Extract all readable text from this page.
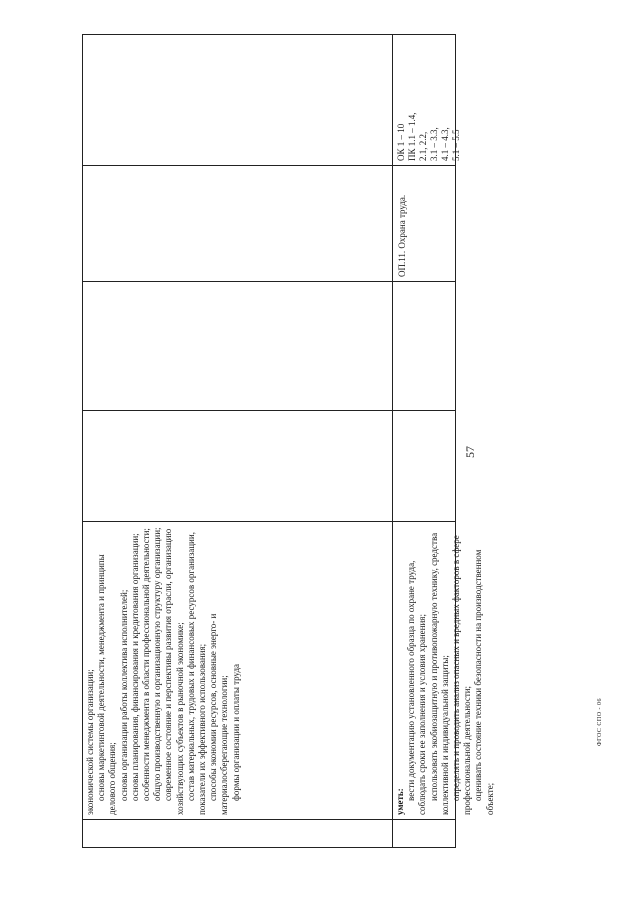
57

экономической системы организации; основы маркетинговой деятельности, менеджмента и принципы делового общения; основы организации работы коллектива исполнителей; основы планирования, финансирования и кредитования организации; особенности менеджмента в области профессиональной деятельности; общую производственную и организационную структуру организации; современное состояние и перспективы развития отрасли, организацию хозяйствующих субъектов в рыночной экономике; состав материальных, трудовых и финансовых ресурсов организации, показатели их эффективного использования; способы экономии ресурсов, основные энерго- и материалосберегающие технологии; формы организации и оплаты труда

уметь:

вести документацию установленного образца по охране труда, соблюдать сроки ее заполнения и условия хранения; использовать экобиозащитную и противопожарную технику, средства коллективной и индивидуальной защиты; определять и проводить анализ опасных и вредных факторов в сфере профессиональной деятельности; оценивать состояние техники безопасности на производственном объекте;

ОП.11. Охрана труда.

ОК 1 – 10 ПК 1.1 – 1.4, 2.1, 2.2, 3.1 – 3.3, 4.1 – 4.3, 5.1 – 5.5

ФГОС СПО - 06
